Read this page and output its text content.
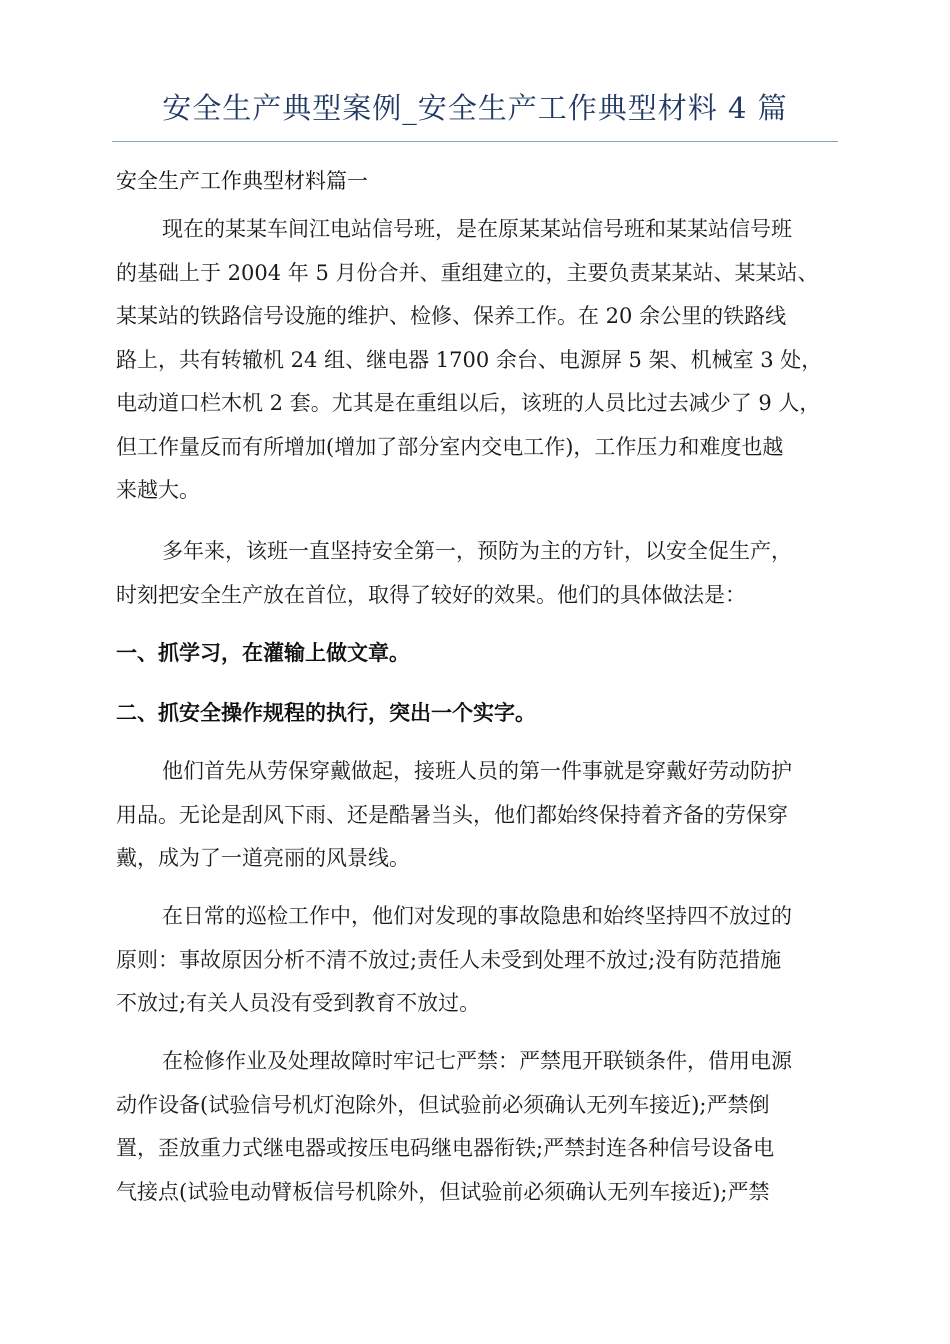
安全生产典型案例_安全生产工作典型材料 4 篇
安全生产工作典型材料篇一
现在的某某车间江电站信号班，是在原某某站信号班和某某站信号班
的基础上于 2004 年 5 月份合并、重组建立的，主要负责某某站、某某站、
某某站的铁路信号设施的维护、检修、保养工作。在 20 余公里的铁路线
路上，共有转辙机 24 组、继电器 1700 余台、电源屏 5 架、机械室 3 处，
电动道口栏木机 2 套。尤其是在重组以后，该班的人员比过去减少了 9 人，
但工作量反而有所增加(增加了部分室内交电工作)，工作压力和难度也越
来越大。
多年来，该班一直坚持安全第一，预防为主的方针，以安全促生产，
时刻把安全生产放在首位，取得了较好的效果。他们的具体做法是：
一、抓学习，在灌输上做文章。
二、抓安全操作规程的执行，突出一个实字。
他们首先从劳保穿戴做起，接班人员的第一件事就是穿戴好劳动防护
用品。无论是刮风下雨、还是酷暑当头，他们都始终保持着齐备的劳保穿
戴，成为了一道亮丽的风景线。
在日常的巡检工作中，他们对发现的事故隐患和始终坚持四不放过的
原则：事故原因分析不清不放过;责任人未受到处理不放过;没有防范措施
不放过;有关人员没有受到教育不放过。
在检修作业及处理故障时牢记七严禁：严禁甩开联锁条件，借用电源
动作设备(试验信号机灯泡除外，但试验前必须确认无列车接近);严禁倒
置，歪放重力式继电器或按压电码继电器衔铁;严禁封连各种信号设备电
气接点(试验电动臂板信号机除外，但试验前必须确认无列车接近);严禁
